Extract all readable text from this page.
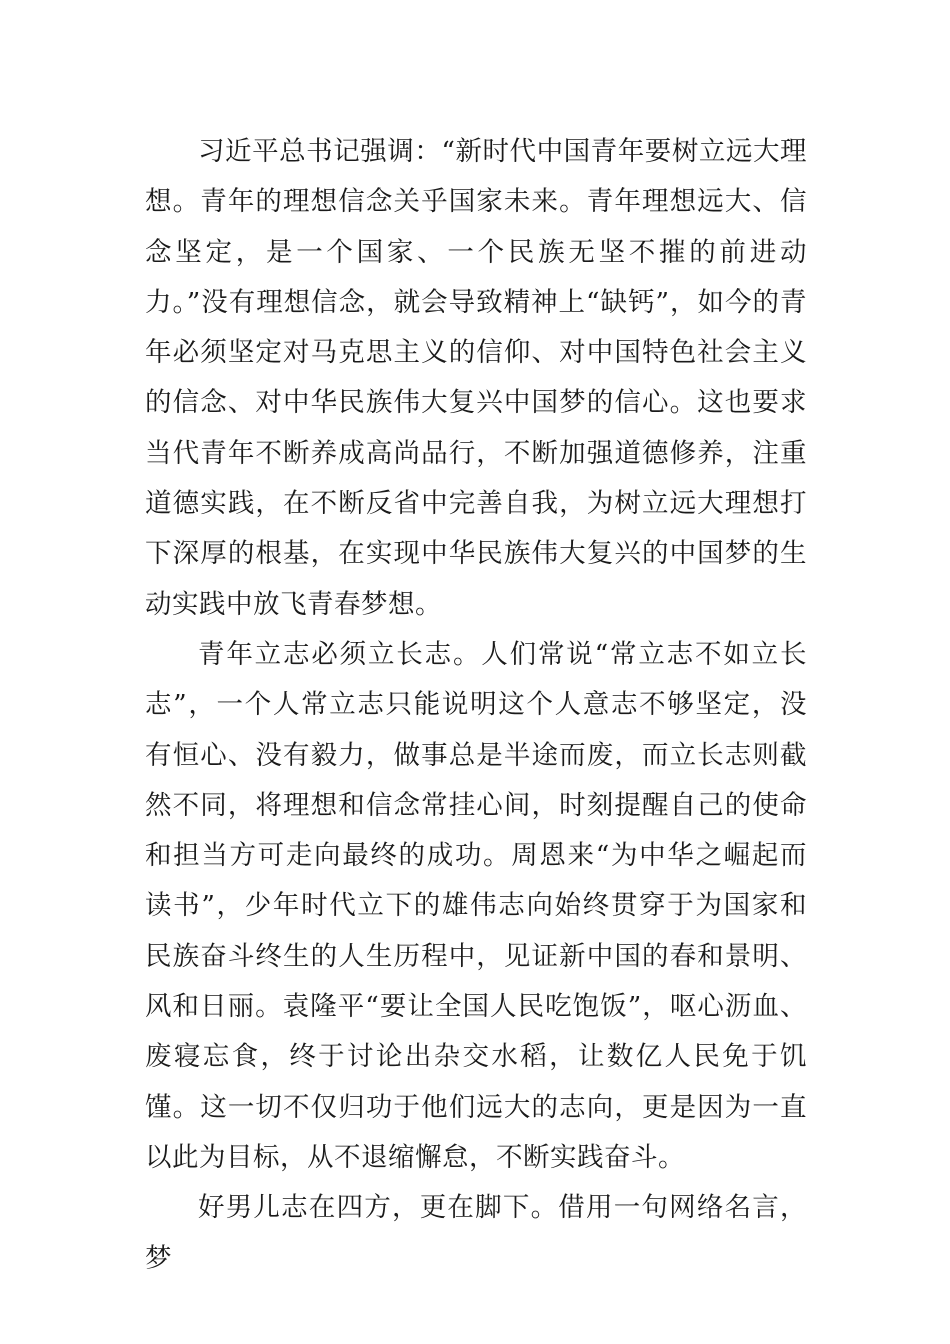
习近平总书记强调：“新时代中国青年要树立远大理想。青年的理想信念关乎国家未来。青年理想远大、信念坚定，是一个国家、一个民族无坚不摧的前进动力。”没有理想信念，就会导致精神上“缺钙”，如今的青年必须坚定对马克思主义的信仰、对中国特色社会主义的信念、对中华民族伟大复兴中国梦的信心。这也要求当代青年不断养成高尚品行，不断加强道德修养，注重道德实践，在不断反省中完善自我，为树立远大理想打下深厚的根基，在实现中华民族伟大复兴的中国梦的生动实践中放飞青春梦想。

青年立志必须立长志。人们常说“常立志不如立长志”，一个人常立志只能说明这个人意志不够坚定，没有恒心、没有毅力，做事总是半途而废，而立长志则截然不同，将理想和信念常挂心间，时刻提醒自己的使命和担当方可走向最终的成功。周恩来“为中华之崛起而读书”，少年时代立下的雄伟志向始终贯穿于为国家和民族奋斗终生的人生历程中，见证新中国的春和景明、风和日丽。袁隆平“要让全国人民吃饱饭”，呕心沥血、废寝忘食，终于讨论出杂交水稻，让数亿人民免于饥馑。这一切不仅归功于他们远大的志向，更是因为一直以此为目标，从不退缩懈怠，不断实践奋斗。

好男儿志在四方，更在脚下。借用一句网络名言，梦
